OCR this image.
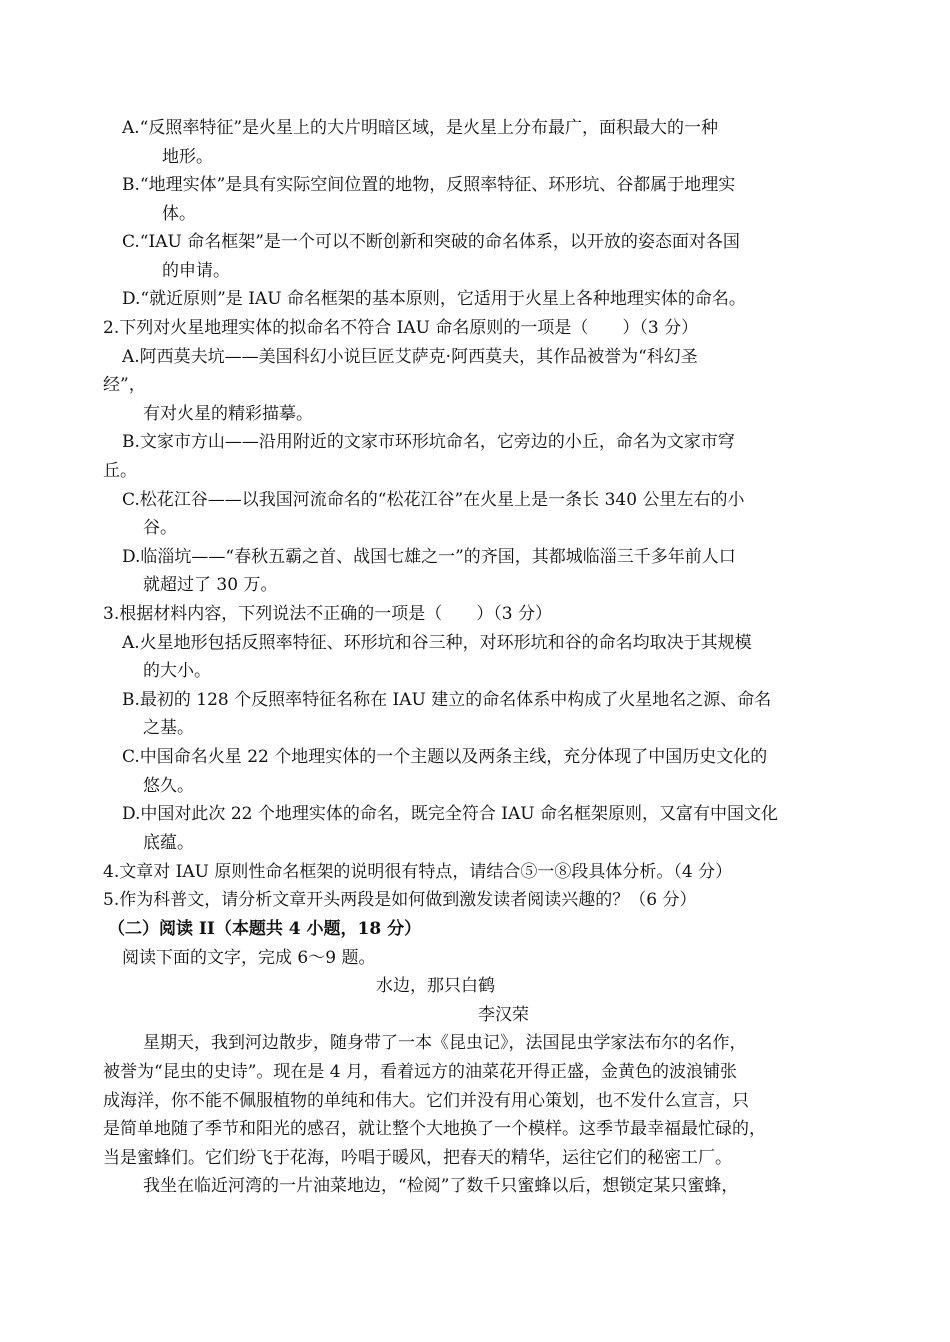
A.“反照率特征”是火星上的大片明暗区域，是火星上分布最广，面积最大的一种
地形。
B.“地理实体”是具有实际空间位置的地物，反照率特征、环形坑、谷都属于地理实
体。
C.“IAU 命名框架”是一个可以不断创新和突破的命名体系，以开放的姿态面对各国
的申请。
D.“就近原则”是 IAU 命名框架的基本原则，它适用于火星上各种地理实体的命名。
2.下列对火星地理实体的拟命名不符合 IAU 命名原则的一项是（　　）（3 分）
A.阿西莫夫坑——美国科幻小说巨匠艾萨克·阿西莫夫，其作品被誉为“科幻圣
经”，
有对火星的精彩描摹。
B.文家市方山——沿用附近的文家市环形坑命名，它旁边的小丘，命名为文家市穹
丘。
C.松花江谷——以我国河流命名的“松花江谷”在火星上是一条长 340 公里左右的小
谷。
D.临淄坑——“春秋五霸之首、战国七雄之一”的齐国，其都城临淄三千多年前人口
就超过了 30 万。
3.根据材料内容，下列说法不正确的一项是（　　）（3 分）
A.火星地形包括反照率特征、环形坑和谷三种，对环形坑和谷的命名均取决于其规模
的大小。
B.最初的 128 个反照率特征名称在 IAU 建立的命名体系中构成了火星地名之源、命名
之基。
C.中国命名火星 22 个地理实体的一个主题以及两条主线，充分体现了中国历史文化的
悠久。
D.中国对此次 22 个地理实体的命名，既完全符合 IAU 命名框架原则，又富有中国文化
底蕴。
4.文章对 IAU 原则性命名框架的说明很有特点，请结合⑤一⑧段具体分析。（4 分）
5.作为科普文，请分析文章开头两段是如何做到激发读者阅读兴趣的？（6 分）
（二）阅读 II（本题共 4 小题，18 分）
阅读下面的文字，完成 6～9 题。
水边，那只白鹤
李汉荣
星期天，我到河边散步，随身带了一本《昆虫记》，法国昆虫学家法布尔的名作，
被誉为“昆虫的史诗”。现在是 4 月，看着远方的油菜花开得正盛，金黄色的波浪铺张
成海洋，你不能不佩服植物的单纯和伟大。它们并没有用心策划，也不发什么宣言，只
是简单地随了季节和阳光的感召，就让整个大地换了一个模样。这季节最幸福最忙碌的，
当是蜜蜂们。它们纷飞于花海，吟唱于暖风，把春天的精华，运往它们的秘密工厂。
我坐在临近河湾的一片油菜地边，“检阅”了数千只蜜蜂以后，想锁定某只蜜蜂，
